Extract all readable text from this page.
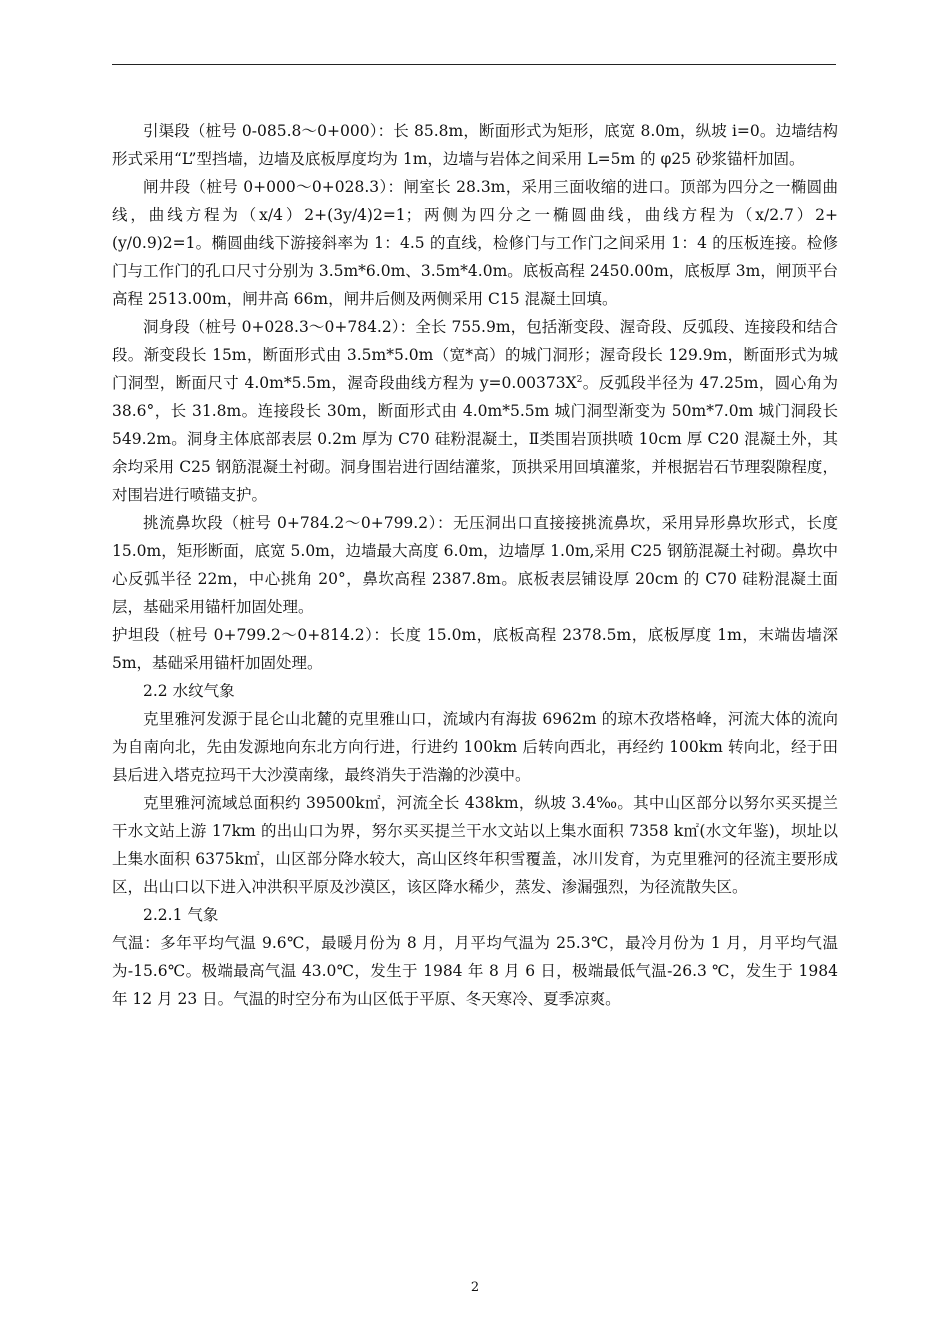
引渠段（桩号 0-085.8～0+000）：长 85.8m，断面形式为矩形，底宽 8.0m，纵坡 i=0。边墙结构形式采用“L”型挡墙，边墙及底板厚度均为 1m，边墙与岩体之间采用 L=5m 的 φ25 砂浆锚杆加固。

闸井段（桩号 0+000～0+028.3）：闸室长 28.3m，采用三面收缩的进口。顶部为四分之一椭圆曲线，曲线方程为（x/4）2+(3y/4)2=1；两侧为四分之一椭圆曲线，曲线方程为（x/2.7）2+(y/0.9)2=1。椭圆曲线下游接斜率为 1：4.5 的直线，检修门与工作门之间采用 1：4 的压板连接。检修门与工作门的孔口尺寸分别为 3.5m*6.0m、3.5m*4.0m。底板高程 2450.00m，底板厚 3m，闸顶平台高程 2513.00m，闸井高 66m，闸井后侧及两侧采用 C15 混凝土回填。

洞身段（桩号 0+028.3～0+784.2）：全长 755.9m，包括渐变段、渥奇段、反弧段、连接段和结合段。渐变段长 15m，断面形式由 3.5m*5.0m（宽*高）的城门洞形；渥奇段长 129.9m，断面形式为城门洞型，断面尺寸 4.0m*5.5m，渥奇段曲线方程为 $y=0.00373X^2$。反弧段半径为 47.25m，圆心角为 38.6°，长 31.8m。连接段长 30m，断面形式由 4.0m*5.5m 城门洞型渐变为 50m*7.0m 城门洞段长 549.2m。洞身主体底部表层 0.2m 厚为 C70 硅粉混凝土，Ⅱ类围岩顶拱喷 10cm 厚 C20 混凝土外，其余均采用 C25 钢筋混凝土衬砌。洞身围岩进行固结灌浆，顶拱采用回填灌浆，并根据岩石节理裂隙程度，对围岩进行喷锚支护。

挑流鼻坎段（桩号 0+784.2～0+799.2）：无压洞出口直接接挑流鼻坎，采用异形鼻坎形式，长度 15.0m，矩形断面，底宽 5.0m，边墙最大高度 6.0m，边墙厚 1.0m,采用 C25 钢筋混凝土衬砌。鼻坎中心反弧半径 22m，中心挑角 20°，鼻坎高程 2387.8m。底板表层铺设厚 20cm 的 C70 硅粉混凝土面层，基础采用锚杆加固处理。

护坦段（桩号 0+799.2～0+814.2）：长度 15.0m，底板高程 2378.5m，底板厚度 1m，末端齿墙深 5m，基础采用锚杆加固处理。

2.2 水纹气象

克里雅河发源于昆仑山北麓的克里雅山口，流域内有海拔 6962m 的琼木孜塔格峰，河流大体的流向为自南向北，先由发源地向东北方向行进，行进约 100km 后转向西北，再经约 100km 转向北，经于田县后进入塔克拉玛干大沙漠南缘，最终消失于浩瀚的沙漠中。

克里雅河流域总面积约 39500k㎡，河流全长 438km，纵坡 3.4‰。其中山区部分以努尔买买提兰干水文站上游 17km 的出山口为界，努尔买买提兰干水文站以上集水面积 7358 k㎡(水文年鉴)，坝址以上集水面积 6375k㎡，山区部分降水较大，高山区终年积雪覆盖，冰川发育，为克里雅河的径流主要形成区，出山口以下进入冲洪积平原及沙漠区，该区降水稀少，蒸发、渗漏强烈，为径流散失区。

2.2.1 气象

气温：多年平均气温 9.6℃，最暖月份为 8 月，月平均气温为 25.3℃，最冷月份为 1 月，月平均气温为-15.6℃。极端最高气温 43.0℃，发生于 1984 年 8 月 6 日，极端最低气温-26.3 ℃，发生于 1984 年 12 月 23 日。气温的时空分布为山区低于平原、冬天寒冷、夏季凉爽。

2
